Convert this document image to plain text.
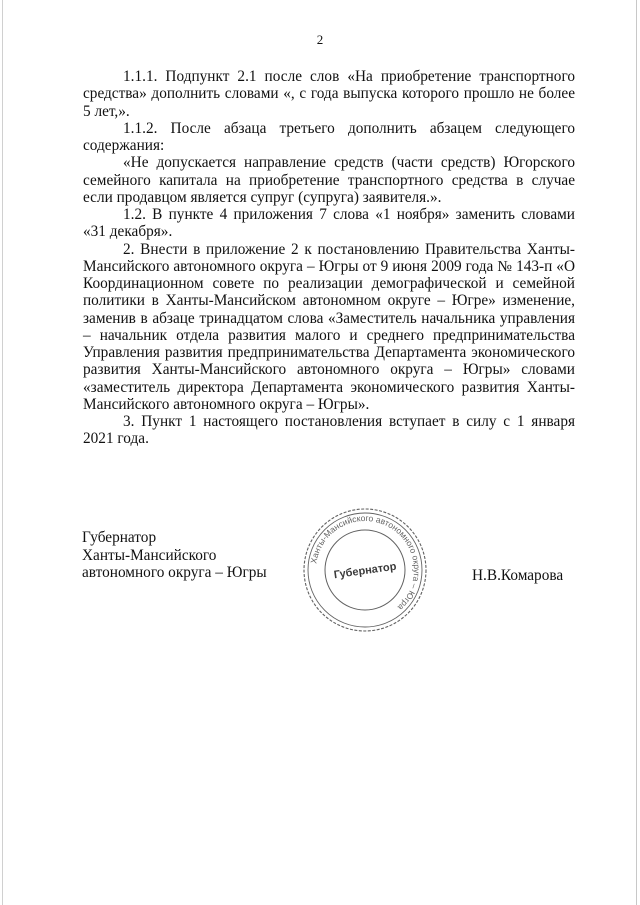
2

1.1.1. Подпункт 2.1 после слов «На приобретение транспортного средства» дополнить словами «, с года выпуска которого прошло не более 5 лет,».

1.1.2. После абзаца третьего дополнить абзацем следующего содержания:

«Не допускается направление средств (части средств) Югорского семейного капитала на приобретение транспортного средства в случае если продавцом является супруг (супруга) заявителя.».

1.2. В пункте 4 приложения 7 слова «1 ноября» заменить словами «31 декабря».

2. Внести в приложение 2 к постановлению Правительства Ханты-Мансийского автономного округа – Югры от 9 июня 2009 года № 143-п «О Координационном совете по реализации демографической и семейной политики в Ханты-Мансийском автономном округе – Югре» изменение, заменив в абзаце тринадцатом слова «Заместитель начальника управления – начальник отдела развития малого и среднего предпринимательства Управления развития предпринимательства Департамента экономического развития Ханты-Мансийского автономного округа – Югры» словами «заместитель директора Департамента экономического развития Ханты-Мансийского автономного округа – Югры».

3. Пункт 1 настоящего постановления вступает в силу с 1 января 2021 года.

Губернатор
Ханты-Мансийского
автономного округа – Югры
Ханты-Мансийского автономного округа – Югра
Губернатор	Н.В.Комарова
